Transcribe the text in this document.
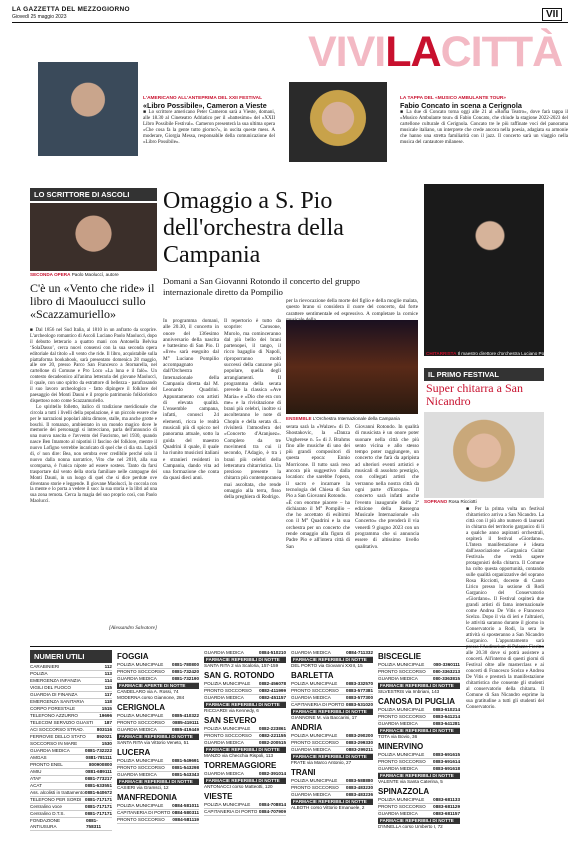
LA GAZZETTA DEL MEZZOGIORNO
Giovedì 25 maggio 2023	VII
VIVILACITTÀ
L'AMERICANO ALL'ANTEPRIMA DEL XXII FESTIVAL
«Libro Possibile», Cameron a Vieste
■ Lo scrittore americano Peter Cameron sarà a Vieste, domani, alle 18.30 al Cineteatro Adriatico per il «battesimo» del «XXII Libro Possibile Festival». Cameron presenterà la sua ultima opera «Che cosa fa la gente tutto giorno?», in uscita queste mess. A moderare, Giorgia Messa, responsabile della comunicazione del «Libro Possibile».
LA TAPPA DEL «MUSICO AMBULANTE TOUR»
Fabio Concato in scena a Cerignola
■ La due di Concato torna oggi alle 21 al «Roma Teatro», dove farà tappa il «Musico Ambulante tour» di Fabio Concato, che chiude la stagione 2022-2023 del cartellone culturale di Cerignola. Concato tre le più raffinate voci del panorama musicale italiano, un interprete che crede ancora nella poesia, adagiata su armonie che hanno una stretta familiarità con il jazz. Il concerto sarà un viaggio nella musica del cantautore milanese.
LO SCRITTORE DI ASCOLI
SECONDA OPERA Paolo Maoluccì, autore
C'è un «Vento che ride» il libro di Maoulucci sullo «Scazzamuriello»
■ Dal 1856 nel Sud Italia, al 1810 in un anfratto da scoprire. L'archeologo romantico di Ascoli Luciano Paolo Maolucci, dopo il debutto letterario a quattro mani con Antonella Belvisa ‘SolaDasso’, cerca nuovi consensi con la sua seconda opera editoriale dal titolo «Il vento che ride. Il libro, acquistabile sulla piattaforma bookabook, sarà presentato domenica 28 maggio, alle ore 20, presso Parco San Francesco a Stornarella, nel cartellone di Comune e Pro Loco «La luna e il falò». Un contesto decadeonico all'anima letteraria del giovane Maoluccì, il quale, con uno spirito da estrattore di bellezza - parafrasando il suo lavoro archeologico - fatto dipingere il folklore del paesaggio dei Monti Dauni e il proprio patrimonio folkloristico dispettoso noto come Scazzamuriello.
Lo spiritello folletto, italico di tradizione meridionale che circola a tutti i livelli della popolazione, è un piccolo essere che per le narrazioni popolari abita dimore, stalle, ma anche grotte e boschi. Il romanzo, ambientato in un mondo magico dove le memorie dei personaggi si intrecciano, parla dell'annuncio di una nuova nascita e l'avvento del Fascismo, nel 1930, quando nasce Ben Imamoto al nipotini il fascino del folklore, mentre il nuovo Lofigno verrebbe incaricato di quel che ci dia sta. Lapidi di, o' non dire: Bea, non sembra ever credibile perché solo il nuovo dalla nonna narratrice, Vito che nel 2010, alla sua scomparsa, è l'unica nipote ad essere sostess. Tanto da farsi trasportare dal vento della storia familiare nelle campagne dei Monti Dauni, in un luogo di quel che si dice perdute ove diventano storie e leggende. Il giovane Maoluccì, lo coccola con la mente e lo porta a vedere il suo: la sua storia e la libri ad una sua zona remota. Cerca la magia del suo proprio così, con Paolo Maoluccì.
[Alessandro Salvatore]
Omaggio a S. Pio dell'orchestra della Campania
Domani a San Giovanni Rotondo il concerto del gruppo internazionale diretto da Pompilio
CHITARRISTA Il maestro direttore d'orchestra Luciano Pompilio
ENSEMBLE L'Orchestra Internazionale della Campania
In programma domani, alle 20.30, il concerto in onore del 136esimo anniversario della nascita e battesimo di San Pio. Il «live» sarà eseguito dal M° Luciano Pompilio accompagnato dall'Orchestra Internazionale della Campania diretta dal M. Leonardo Quadrini. Appuntamento con artisti di elevata qualità. L'ensemble campana, infatti, conosci 24 elementi, ricca le realtà musicali più di spicco nel panorama attuale, sotto la guida del maestro Quadrini il quale, il quale ha riunito musicisti italiani e stranieri residenti in Campania, dando vita ad una formazione che conta da quasi dieci anni.
Il repertorio è tutto da scoprire: Carosone, Murolo, ma cominceranno dal più bello dei brani partenopei, il tango, il ricco bagaglio di Napoli, riproporranno molti successi della canzone più popolare, quella degli arrangiamenti. Il programma della serata prevede la classica «Ave Maria» e «Dio che era con me» e la rivisitazione di brani più celebri, inoltre si ascolteranno le note di Chopin e della serata di... rivisiterà l'atmosfera del «Concerto d'Aranjuez». Completo da tre movimenti tra cui il secondo, l'Adagio, è tra i brani più celebri della letteratura chitarristica. Un prezioso presente la chitarra più contemporanea mai ascoltata, che rende omaggio alla terra, fisso della preghiera di Rodrigo.
per la rievocazione della morte del figlio e della moglie malata, questo brano si considera il cuore del concerto, dal forte carattere sentimentale ed espressivo. A completare la cornice musicale della
serata sarà la «Walzer» di D. Shostakovic, la «Danza Ungherese n. 5» di J. Brahms fino alle musiche di uno dei più grandi compositori di questa epoca: Ennio Morricone. Il tutto sarà reso ancora più suggestivo dalla location: che sarebbe l'opera, il sacro e incarnare la tecnologia del Chiesa di San Pio a San Giovanni Rotondo.
«È con enorme piacere – ha dichiarato il M° Pompilio – che ho accettato di esibirmi con il M° Quadrini e la sua orchestra per un concerto che rende omaggio alla figura di Padre Pio e all'intera città di San
Giovanni Rotondo. In qualità di musicista è un onore poter suonare nella città che più sento vicina e allo stesso tempo poter raggiungere, un concerto che farà da apripista ad ulteriori eventi artistici e musicali di assoluto prestigio, con collegati artisti che verranno nella nostra città da ogni parte d'Europa». Il concerto sarà infatti anche l'evento inaugurale della 2ª edizione della Rassegna Musicale Internazionale «In Concerto» che prenderà il via venerdì 9 giugno 2023 con un programma che si annuncia essere di altissimo livello qualitativo.
IL PRIMO FESTIVAL
Super chitarra a San Nicandro
SOPRANO Rosa Ricciotti
■ Per la prima volta un festival chitarristico arriva a San Nicandro. La città con il più alto numero di laureati in chitarra del territorio garganico di li a qualche anno aspiranti orchestrali, ospiterà il festival «Giordano». L'Intera manifestazione è ideata dall'associazione «Garganica Guitar Festival» che vedrà sapere protagonisti della chitarra. Il Comune ha colto questa opportunità, contando sulle qualità organizzative del soprano Rosa Ricciotti, docente di Canto Lirico presso la sezione di Rodi Garganico del Conservatorio «Giordano». Il Festival ospiterà due grandi artisti di fama internazionale come Andrea De Vitis e Francesco Scelzo. Dopo il via di ieri e l'altraieri, le attività saranno durante il giorno in Conservatorio a Rodi, la sera le attività si sposteranno a San Nicandro Garganico. L'appuntamento sarà presso l'Auditorium di Palazzo Fioritto alle 20.30 dove si potrà assistere a concerti. All'interno di questi giorni di Festival oltre alle masterclass e ai concerti di Francesco Scelzo e Andrea De Vitis e presterà la manifestazione chitarristica che consente gli studenti al conservatorio della chitarra. Il Comune di San Nicandro esprime la sua gratitudine a tutti gli studenti del Conservatorio.
NUMERI UTILI
CARABINIERI	112
POLIZIA	113
EMERGENZA INFANZIA	114
VIGILI DEL FUOCO	115
GUARDIA DI FINANZA	117
EMERGENZA SANITARIA	118
CORPO FORESTALE	1515
TELEFONO AZZURRO	19696
TELECOM SERVIZIO GUASTI 187
ACI SOCCORSO STRAD.	803116
FERROVIE DELLO STATO 892021
SOCCORSO IN MARE	1530
GUARDIA MEDICA	0881-732222
AMGAS	0881-781111
PRONTO ENEL	800900800
AMIU	0881-689111
ATAF	0881-773217
ACAT	0881-633551
Ass. alcolisti in trattamento 0881-640672
TELEFONO PER SORDI 0881-717171
Centralino voce	0881-717171
Centralino D.T.S.	0881-717171
FONDAZIONE ANTIUSURA
0881-758311
FOGGIA
POLIZIA MUNICIPALE 0881-780800
PRONTO SOCCORSO 0881-732420
GUARDIA MEDICA	0881-732190
FARMACIE APERTE DI NOTTE
CANDELARO via A. Rossi, 74
MODERNA corso Giannone, 284
CERIGNOLA
POLIZIA MUNICIPALE 0885-410322
PRONTO SOCCORSO 0885-419111
GUARDIA MEDICA	0885-419449
FARMACIE REPERIBILI DI NOTTE
SANTA RITA via Vittorio Veneto, 51
LUCERA
POLIZIA MUNICIPALE 0881-549691
PRONTO SOCCORSO 0881-543298
GUARDIA MEDICA	0881-543343
FARMACIE REPERIBILI DI NOTTE
CASIERI via Gramsci, 12
MANFREDONIA
POLIZIA MUNICIPALE 0884-581011
CAPITANERIA DI PORTO 0884-580311
PRONTO SOCCORSO 0884-581119
GUARDIA MEDICA	0884-510210
FARMACIE REPERIBILI DI NOTTE
SANTA RITA 2 via Scaloria, 157-159
SAN G. ROTONDO
POLIZIA MUNICIPALE 0882-456078
PRONTO SOCCORSO 0882-411999
GUARDIA MEDICA	0882-451157
FARMACIE REPERIBILI DI NOTTE
RICCIARDI via Kennedy, 6
SAN SEVERO
POLIZIA MUNICIPALE 0882-223861
PRONTO SOCCORSO 0882-221155
GUARDIA MEDICA	0882-200515
FARMACIE REPERIBILI DI NOTTE
MANZO via Checchia Rispoli, 113
TORREMAGGIORE
GUARDIA MEDICA	0882-391014
FARMACIE REPERIBILI DI NOTTE
ANTONACCI corso Matteotti, 120
VIESTE
POLIZIA MUNICIPALE 0884-708814
CAPITANERIA DI PORTO 0884-707909
GUARDIA MEDICA	0884-711332
FARMACIE REPERIBILI DI NOTTE
DEL PORTO via Giovanni XXIII, 15
BARLETTA
POLIZIA MUNICIPALE 0883-332570
PRONTO SOCCORSO 0883-577381
GUARDIA MEDICA	0883-577300
CAPITANERIA DI PORTO 0883-531020
FARMACIE REPERIBILI DI NOTTE
GIANNONE M. via Baccarini, 17
ANDRIA
POLIZIA MUNICIPALE 0883-290200
PRONTO SOCCORSO 0883-299330
GUARDIA MEDICA	0883-299211
FARMACIE REPERIBILI DI NOTTE
FRATE via Marco Antonio, 27
TRANI
POLIZIA MUNICIPALE 0883-588880
PRONTO SOCCORSO 0883-483230
GUARDIA MEDICA	0883-483236
FARMACIE REPERIBILI DI NOTTE
ALBOTH corso Vittorio Emanuele, 2
BISCEGLIE
POLIZIA MUNICIPALE 080-3360111
PRONTO SOCCORSO 080-3363213
GUARDIA MEDICA	080-3363815
FARMACIE REPERIBILI DI NOTTE
SILVESTRIS via Imbriani, 143
CANOSA DI PUGLIA
POLIZIA MUNICIPALE 0883-610214
PRONTO SOCCORSO 0883-641214
GUARDIA MEDICA	0883-641281
FARMACIE REPERIBILI DI NOTTE
TOTA via Bovio, 36
MINERVINO
POLIZIA MUNICIPALE 0883-691615
PRONTO SOCCORSO 0883-691614
GUARDIA MEDICA	0883-691618
FARMACIE REPERIBILI DI NOTTE
VALENTE via Santa Caterina, 5
SPINAZZOLA
POLIZIA MUNICIPALE 0883-681133
PRONTO SOCCORSO 0883-681129
GUARDIA MEDICA	0883-681157
FARMACIE REPERIBILI DI NOTTE
D'INNELLA corso Umberto I, 72
